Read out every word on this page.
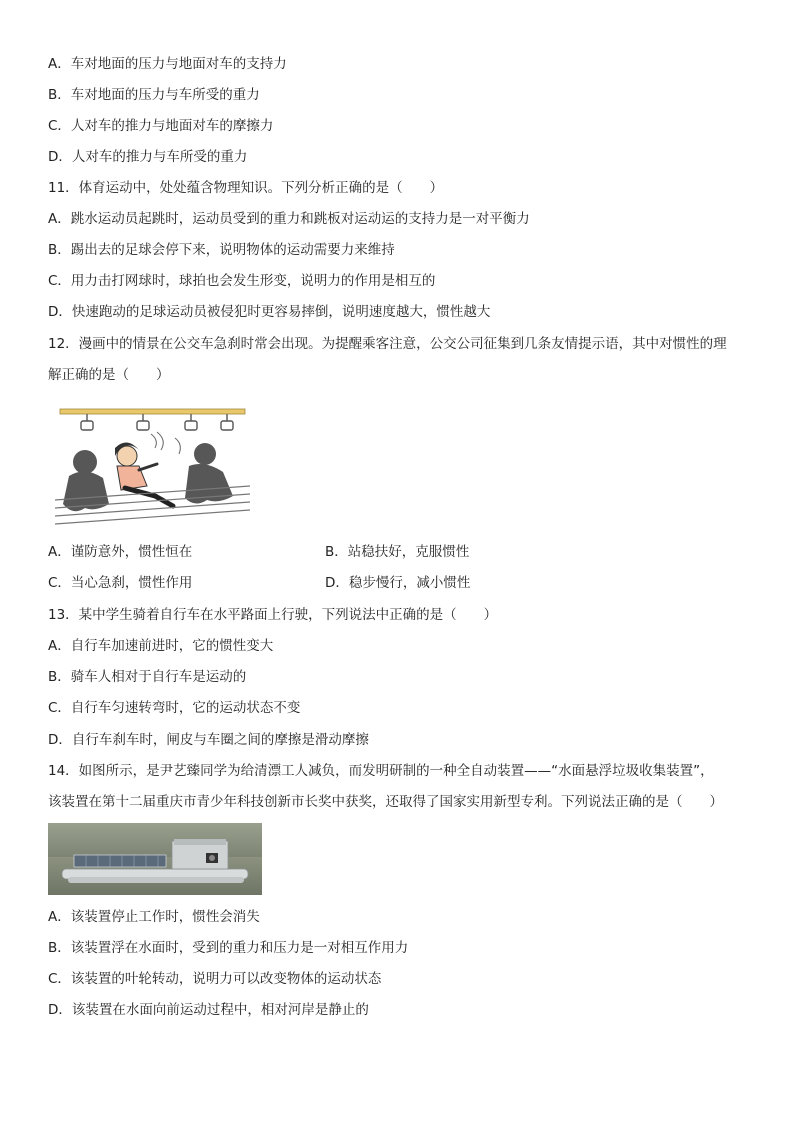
A．车对地面的压力与地面对车的支持力
B．车对地面的压力与车所受的重力
C．人对车的推力与地面对车的摩擦力
D．人对车的推力与车所受的重力
11．体育运动中，处处蕴含物理知识。下列分析正确的是（　　）
A．跳水运动员起跳时，运动员受到的重力和跳板对运动运的支持力是一对平衡力
B．踢出去的足球会停下来，说明物体的运动需要力来维持
C．用力击打网球时，球拍也会发生形变，说明力的作用是相互的
D．快速跑动的足球运动员被侵犯时更容易摔倒，说明速度越大，惯性越大
12．漫画中的情景在公交车急刹时常会出现。为提醒乘客注意，公交公司征集到几条友情提示语，其中对惯性的理
解正确的是（　　）
A．谨防意外，惯性恒在	B．站稳扶好，克服惯性
C．当心急刹，惯性作用	D．稳步慢行，减小惯性
13．某中学生骑着自行车在水平路面上行驶，下列说法中正确的是（　　）
A．自行车加速前进时，它的惯性变大
B．骑车人相对于自行车是运动的
C．自行车匀速转弯时，它的运动状态不变
D．自行车刹车时，闸皮与车圈之间的摩擦是滑动摩擦
14．如图所示，是尹艺臻同学为给清漂工人减负，而发明研制的一种全自动装置——“水面悬浮垃圾收集装置”，
该装置在第十二届重庆市青少年科技创新市长奖中获奖，还取得了国家实用新型专利。下列说法正确的是（　　）
A．该装置停止工作时，惯性会消失
B．该装置浮在水面时，受到的重力和压力是一对相互作用力
C．该装置的叶轮转动，说明力可以改变物体的运动状态
D．该装置在水面向前运动过程中，相对河岸是静止的
